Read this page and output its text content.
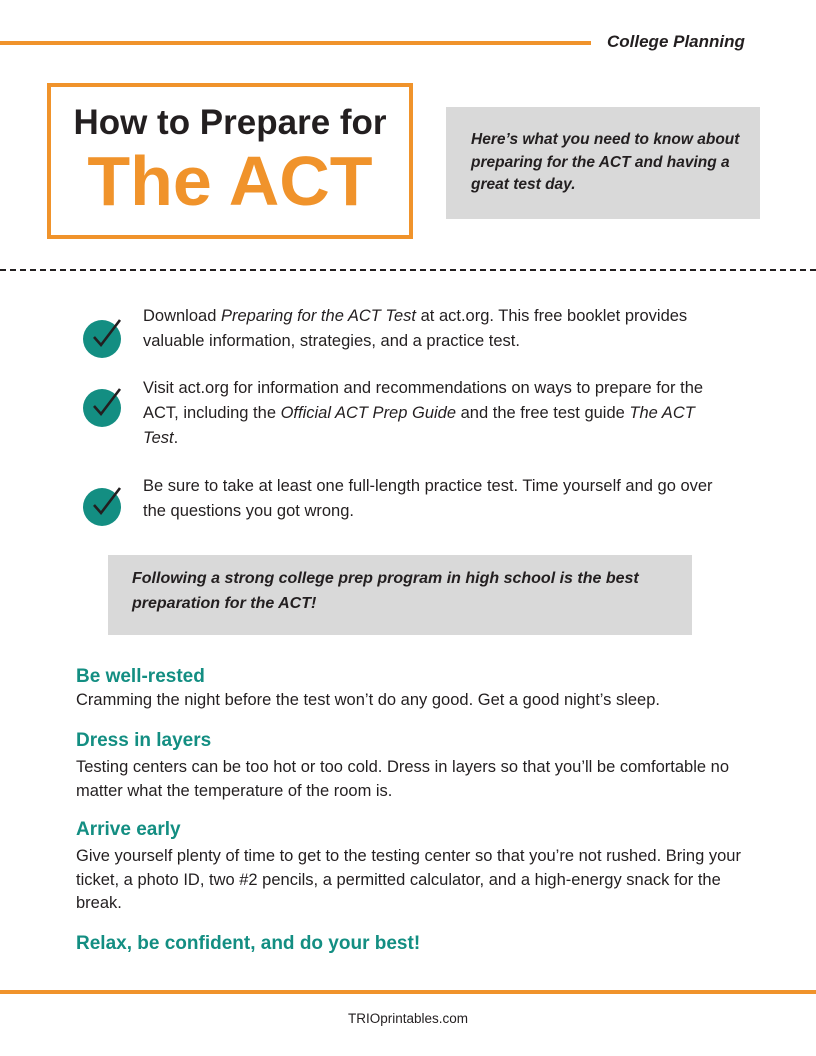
College Planning
How to Prepare for
The ACT
Here’s what you need to know about preparing for the ACT and having a great test day.
Download Preparing for the ACT Test at act.org. This free booklet provides valuable information, strategies, and a practice test.
Visit act.org for information and recommendations on ways to prepare for the ACT, including the Official ACT Prep Guide and the free test guide The ACT Test.
Be sure to take at least one full-length practice test. Time yourself and go over the questions you got wrong.
Following a strong college prep program in high school is the best preparation for the ACT!
Be well-rested
Cramming the night before the test won’t do any good. Get a good night’s sleep.
Dress in layers
Testing centers can be too hot or too cold. Dress in layers so that you’ll be comfortable no matter what the temperature of the room is.
Arrive early
Give yourself plenty of time to get to the testing center so that you’re not rushed. Bring your ticket, a photo ID, two #2 pencils, a permitted calculator, and a high-energy snack for the break.
Relax, be confident, and do your best!
TRIOprintables.com
